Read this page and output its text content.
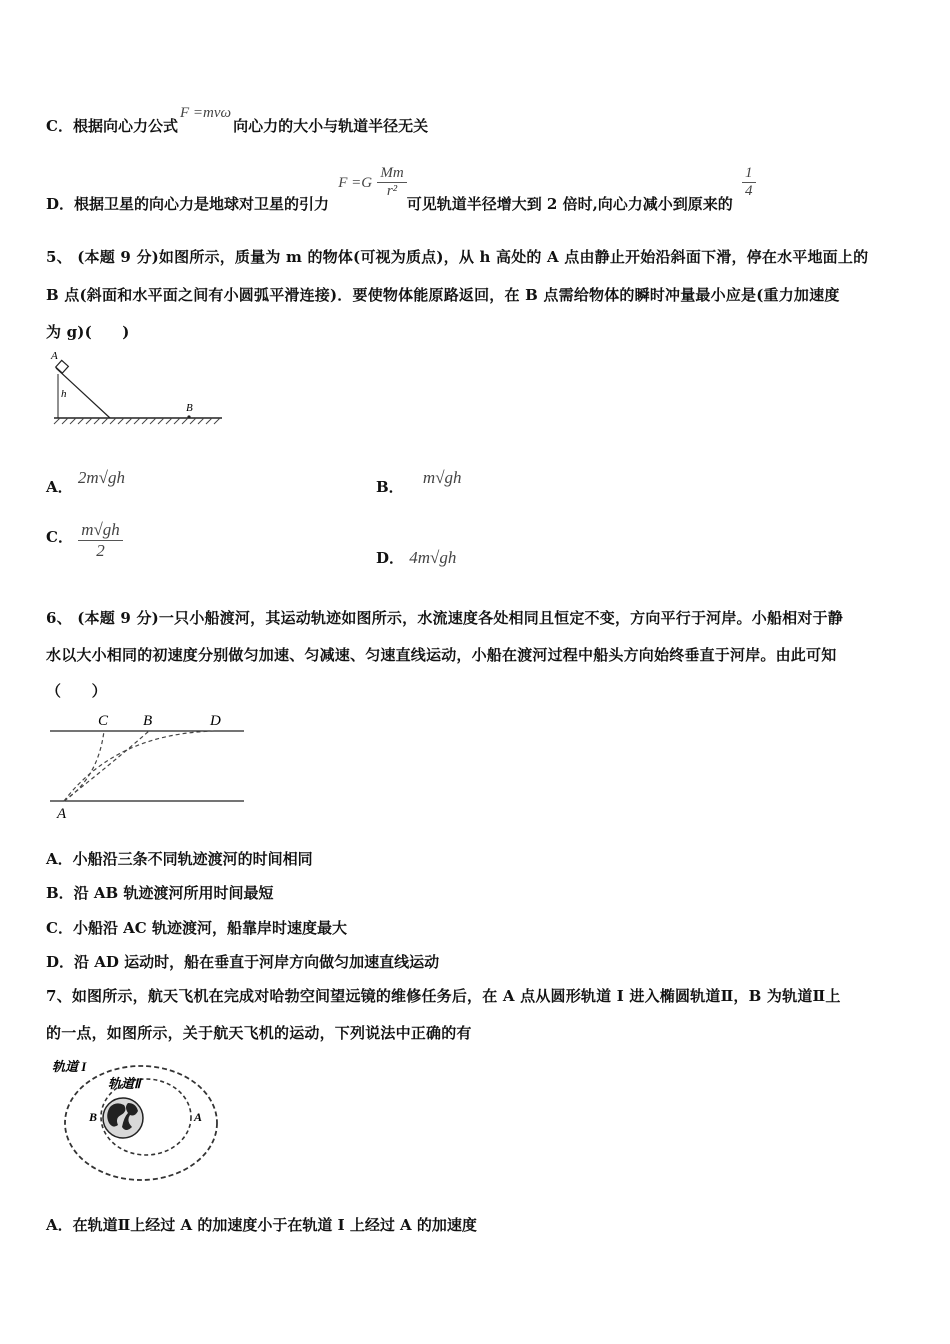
C．根据向心力公式F =mvω向心力的大小与轨道半径无关
D．根据卫星的向心力是地球对卫星的引力 $F =G \frac{Mm}{\text{r²}}$
可见轨道半径增大到 2 倍时,向心力减小到原来的
$\frac{1}{4}$
5、 (本题 9 分)如图所示，质量为 m 的物体(可视为质点)，从 h 高处的 A 点由静止开始沿斜面下滑，停在水平地面上的
B 点(斜面和水平面之间有小圆弧平滑连接)．要使物体能原路返回，在 B 点需给物体的瞬时冲量最小应是(重力加速度
为 g)(　　)
A
h
B
A． 2m√gh	B． m√gh
C． $\frac{m√gh}{2}$	D． 4m√gh
6、 (本题 9 分)一只小船渡河，其运动轨迹如图所示，水流速度各处相同且恒定不变，方向平行于河岸。小船相对于静
水以大小相同的初速度分别做匀加速、匀减速、匀速直线运动，小船在渡河过程中船头方向始终垂直于河岸。由此可知
（　　）
C B	D
A
A．小船沿三条不同轨迹渡河的时间相同
B．沿 AB 轨迹渡河所用时间最短
C．小船沿 AC 轨迹渡河，船靠岸时速度最大
D．沿 AD 运动时，船在垂直于河岸方向做匀加速直线运动
7、如图所示，航天飞机在完成对哈勃空间望远镜的维修任务后，在 A 点从圆形轨道 I 进入椭圆轨道Ⅱ，B 为轨道Ⅱ上
的一点，如图所示，关于航天飞机的运动，下列说法中正确的有
轨道 I
轨道Ⅱ
B	A
A．在轨道Ⅱ上经过 A 的加速度小于在轨道 I 上经过 A 的加速度
